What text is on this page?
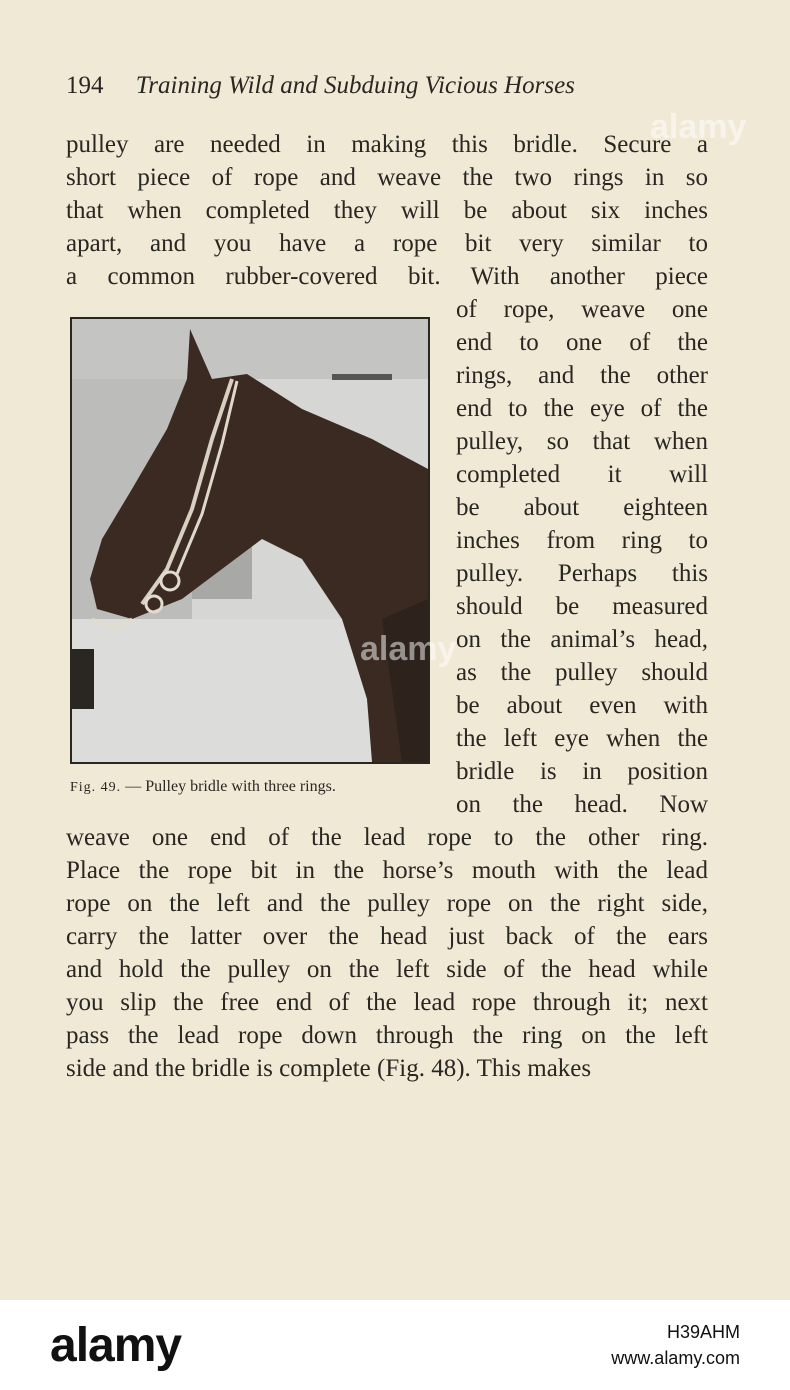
194 Training Wild and Subduing Vicious Horses
pulley are needed in making this bridle. Secure a
short piece of rope and weave the two rings in so
that when completed they will be about six inches
apart, and you have a rope bit very similar to
a common rubber-covered bit. With another piece
of rope, weave one
end to one of the
rings, and the other
end to the eye of the
pulley, so that when
completed it will
be about eighteen
inches from ring to
pulley. Perhaps this
should be measured
on the animal’s head,
as the pulley should
be about even with
the left eye when the
bridle is in position
on the head. Now
Fig. 49. — Pulley bridle with three rings.
weave one end of the lead rope to the other ring.
Place the rope bit in the horse’s mouth with the lead
rope on the left and the pulley rope on the right side,
carry the latter over the head just back of the ears
and hold the pulley on the left side of the head while
you slip the free end of the lead rope through it; next
pass the lead rope down through the ring on the left
side and the bridle is complete (Fig. 48). This makes
alamy
alamy
alamy	H39AHM
www.alamy.com
